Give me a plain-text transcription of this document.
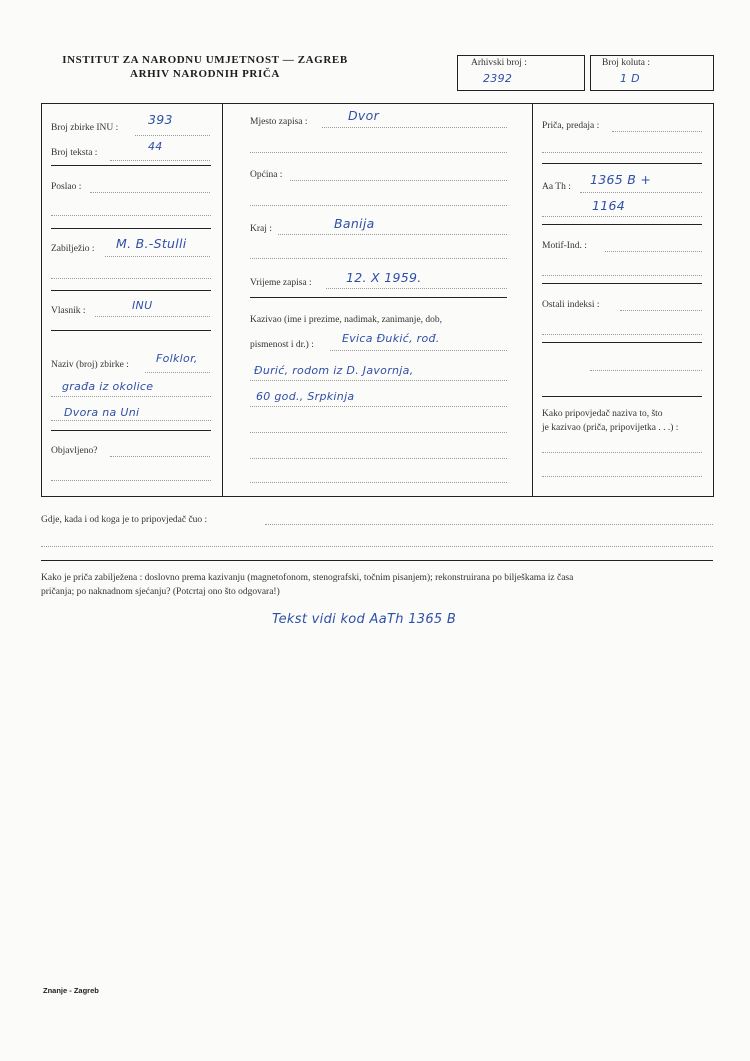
INSTITUT ZA NARODNU UMJETNOST — ZAGREB
ARHIV NARODNIH PRIČA
Arhivski broj :
2392
Broj koluta :
1 D
Broj zbirke INU :
393
Broj teksta :	44
Poslao :
Zabilježio : M. B.-Stulli
Vlasnik :	INU
Naziv (broj) zbirke : Folklor,
građa iz okolice
Dvora na Uni
Objavljeno?
Mjesto zapisa :	Dvor
Općina :
Kraj :	Banija
Vrijeme zapisa :	12. X 1959.
Kazivao (ime i prezime, nadimak, zanimanje, dob,
pismenost i dr.) :	Evica Đukić, rođ.
Đurić, rodom iz D. Javornja,
60 god., Srpkinja
Priča, predaja :
Aa Th : 1365 B +
1164
Motif-Ind. :
Ostali indeksi :
Kako pripovjedač naziva to, što
je kazivao (priča, pripovijetka . . .) :
Gdje, kada i od koga je to pripovjedač čuo :
Kako je priča zabilježena : doslovno prema kazivanju (magnetofonom, stenografski, točnim pisanjem); rekonstruirana po bilješkama iz časa
pričanja; po naknadnom sjećanju? (Potcrtaj ono što odgovara!)
Tekst vidi kod AaTh 1365 B
Znanje - Zagreb
